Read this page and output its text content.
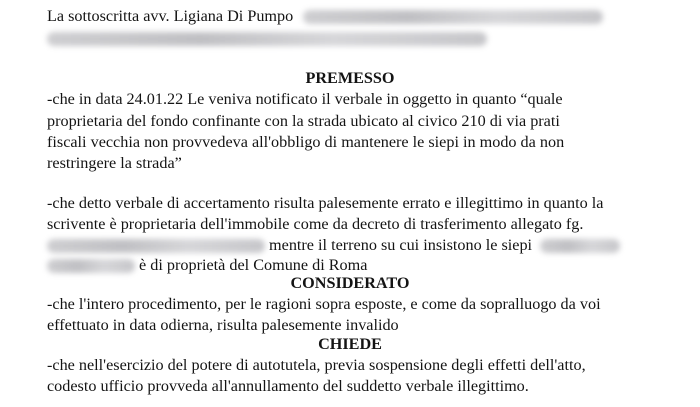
La sottoscritta avv. Ligiana Di Pumpo
PREMESSO
-che in data 24.01.22 Le veniva notificato il verbale in oggetto in quanto “quale
proprietaria del fondo confinante con la strada ubicato al civico 210 di via prati
fiscali vecchia non provvedeva all'obbligo di mantenere le siepi in modo da non
restringere la strada”
-che detto verbale di accertamento risulta palesemente errato e illegittimo in quanto la
scrivente è proprietaria dell'immobile come da decreto di trasferimento allegato fg.
mentre il terreno su cui insistono le siepi
è di proprietà del Comune di Roma
CONSIDERATO
-che l'intero procedimento, per le ragioni sopra esposte, e come da sopralluogo da voi
effettuato in data odierna, risulta palesemente invalido
CHIEDE
-che nell'esercizio del potere di autotutela, previa sospensione degli effetti dell'atto,
codesto ufficio provveda all'annullamento del suddetto verbale illegittimo.
